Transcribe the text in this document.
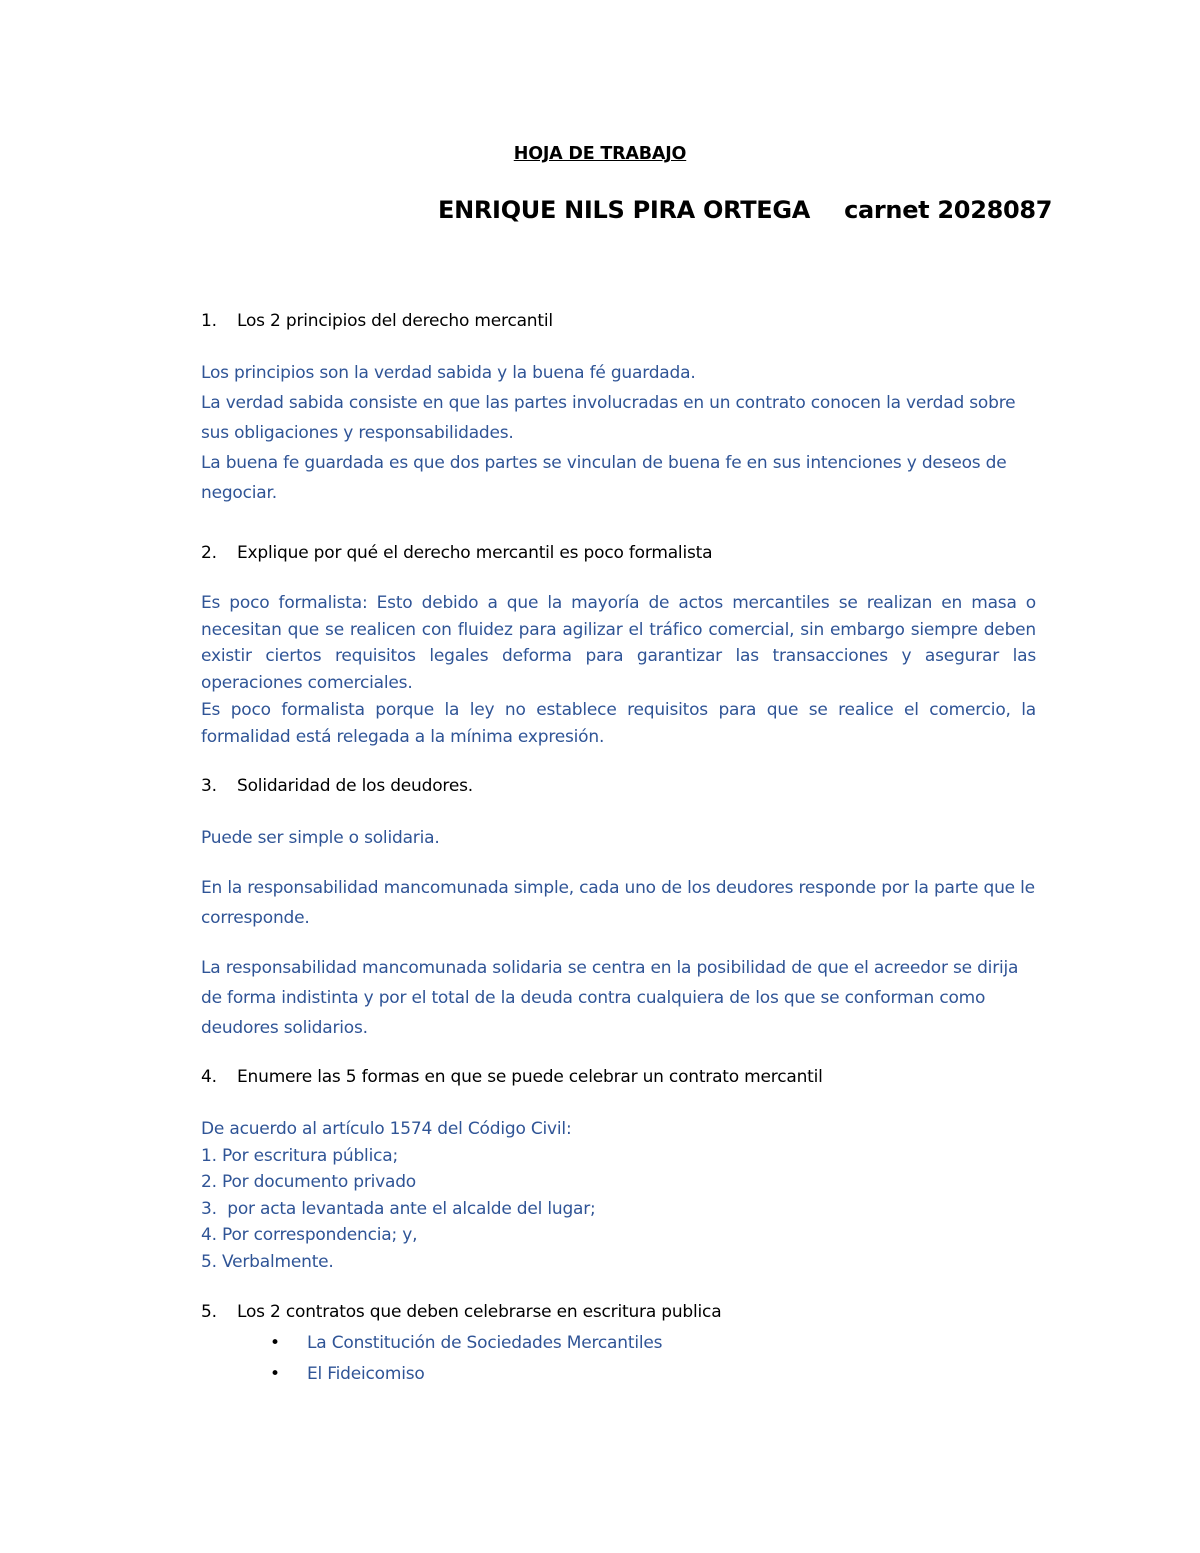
HOJA DE TRABAJO
ENRIQUE NILS PIRA ORTEGA carnet 2028087
1. Los 2 principios del derecho mercantil

Los principios son la verdad sabida y la buena fé guardada.

La verdad sabida consiste en que las partes involucradas en un contrato conocen la verdad sobre sus obligaciones y responsabilidades.

La buena fe guardada es que dos partes se vinculan de buena fe en sus intenciones y deseos de negociar.

2. Explique por qué el derecho mercantil es poco formalista

Es poco formalista: Esto debido a que la mayoría de actos mercantiles se realizan en masa o necesitan que se realicen con fluidez para agilizar el tráfico comercial, sin embargo siempre deben existir ciertos requisitos legales deforma para garantizar las transacciones y asegurar las operaciones comerciales.

Es poco formalista porque la ley no establece requisitos para que se realice el comercio, la formalidad está relegada a la mínima expresión.

3. Solidaridad de los deudores.

Puede ser simple o solidaria.

En la responsabilidad mancomunada simple, cada uno de los deudores responde por la parte que le corresponde.

La responsabilidad mancomunada solidaria se centra en la posibilidad de que el acreedor se dirija de forma indistinta y por el total de la deuda contra cualquiera de los que se conforman como deudores solidarios.

4. Enumere las 5 formas en que se puede celebrar un contrato mercantil
De acuerdo al artículo 1574 del Código Civil:
1. Por escritura pública;
2. Por documento privado
3.  por acta levantada ante el alcalde del lugar;
4. Por correspondencia; y,
5. Verbalmente.
5. Los 2 contratos que deben celebrarse en escritura publica
• La Constitución de Sociedades Mercantiles
• El Fideicomiso
